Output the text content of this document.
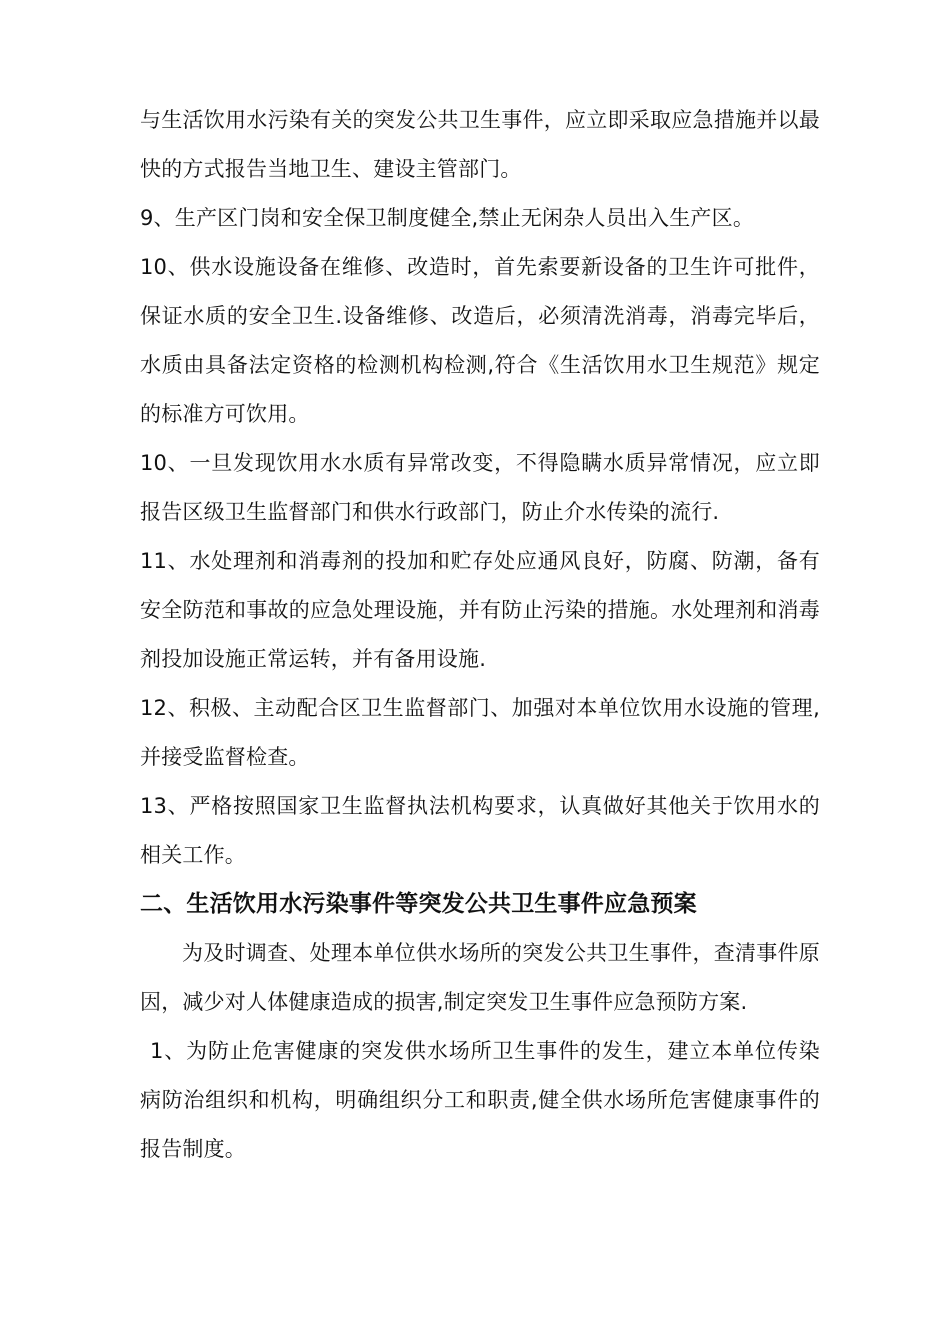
与生活饮用水污染有关的突发公共卫生事件，应立即采取应急措施并以最快的方式报告当地卫生、建设主管部门。

9、生产区门岗和安全保卫制度健全,禁止无闲杂人员出入生产区。

10、供水设施设备在维修、改造时，首先索要新设备的卫生许可批件，保证水质的安全卫生.设备维修、改造后，必须清洗消毒，消毒完毕后，水质由具备法定资格的检测机构检测,符合《生活饮用水卫生规范》规定的标准方可饮用。

10、一旦发现饮用水水质有异常改变，不得隐瞒水质异常情况，应立即报告区级卫生监督部门和供水行政部门，防止介水传染的流行.

11、水处理剂和消毒剂的投加和贮存处应通风良好，防腐、防潮，备有安全防范和事故的应急处理设施，并有防止污染的措施。水处理剂和消毒剂投加设施正常运转，并有备用设施.

12、积极、主动配合区卫生监督部门、加强对本单位饮用水设施的管理,并接受监督检查。

13、严格按照国家卫生监督执法机构要求，认真做好其他关于饮用水的相关工作。

二、生活饮用水污染事件等突发公共卫生事件应急预案

为及时调查、处理本单位供水场所的突发公共卫生事件，查清事件原因，减少对人体健康造成的损害,制定突发卫生事件应急预防方案.

1、为防止危害健康的突发供水场所卫生事件的发生，建立本单位传染病防治组织和机构，明确组织分工和职责,健全供水场所危害健康事件的报告制度。
